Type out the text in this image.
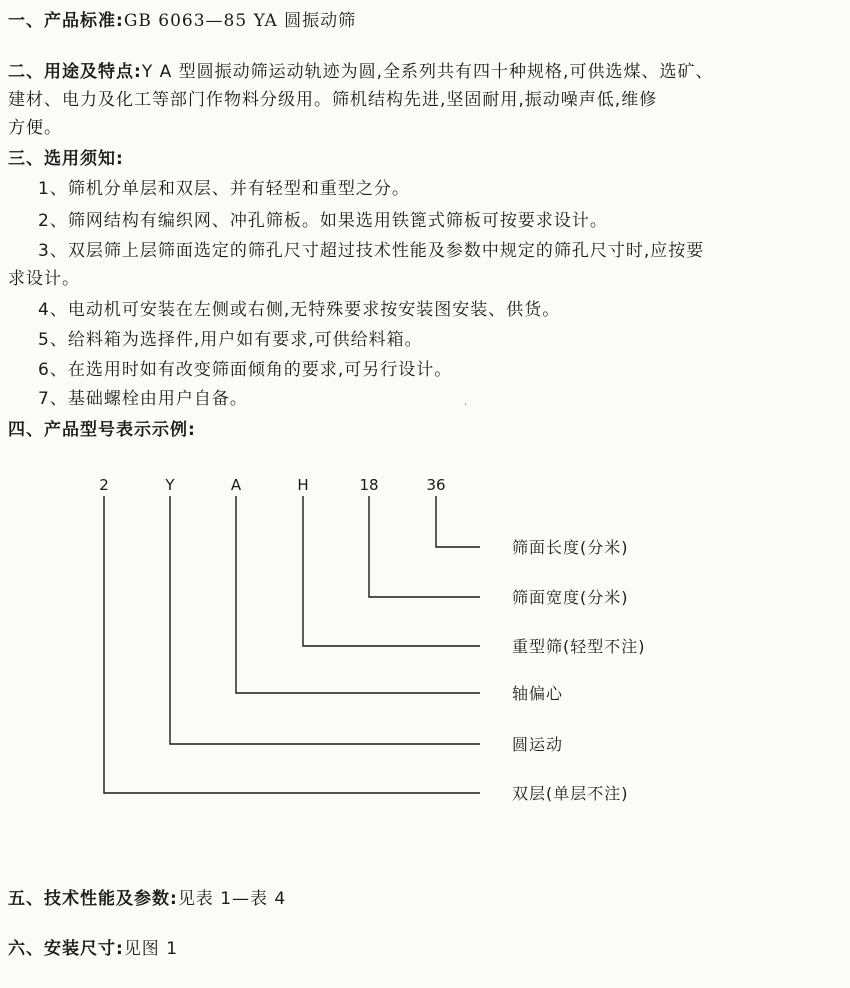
一、产品标准:GB 6063—85 YA 圆振动筛
二、用途及特点:Y A 型圆振动筛运动轨迹为圆,全系列共有四十种规格,可供选煤、选矿、
建材、电力及化工等部门作物料分级用。筛机结构先进,坚固耐用,振动噪声低,维修
方便。
三、选用须知:
1、筛机分单层和双层、并有轻型和重型之分。
2、筛网结构有编织网、冲孔筛板。如果选用铁篦式筛板可按要求设计。
3、双层筛上层筛面选定的筛孔尺寸超过技术性能及参数中规定的筛孔尺寸时,应按要
求设计。
4、电动机可安装在左侧或右侧,无特殊要求按安装图安装、供货。
5、给料箱为选择件,用户如有要求,可供给料箱。
6、在选用时如有改变筛面倾角的要求,可另行设计。
7、基础螺栓由用户自备。	·
四、产品型号表示示例:
2	Y	A	H	18	36
筛面长度(分米)
筛面宽度(分米)
重型筛(轻型不注)
轴偏心
圆运动
双层(单层不注)
五、技术性能及参数:见表 1—表 4
六、安装尺寸:见图 1
